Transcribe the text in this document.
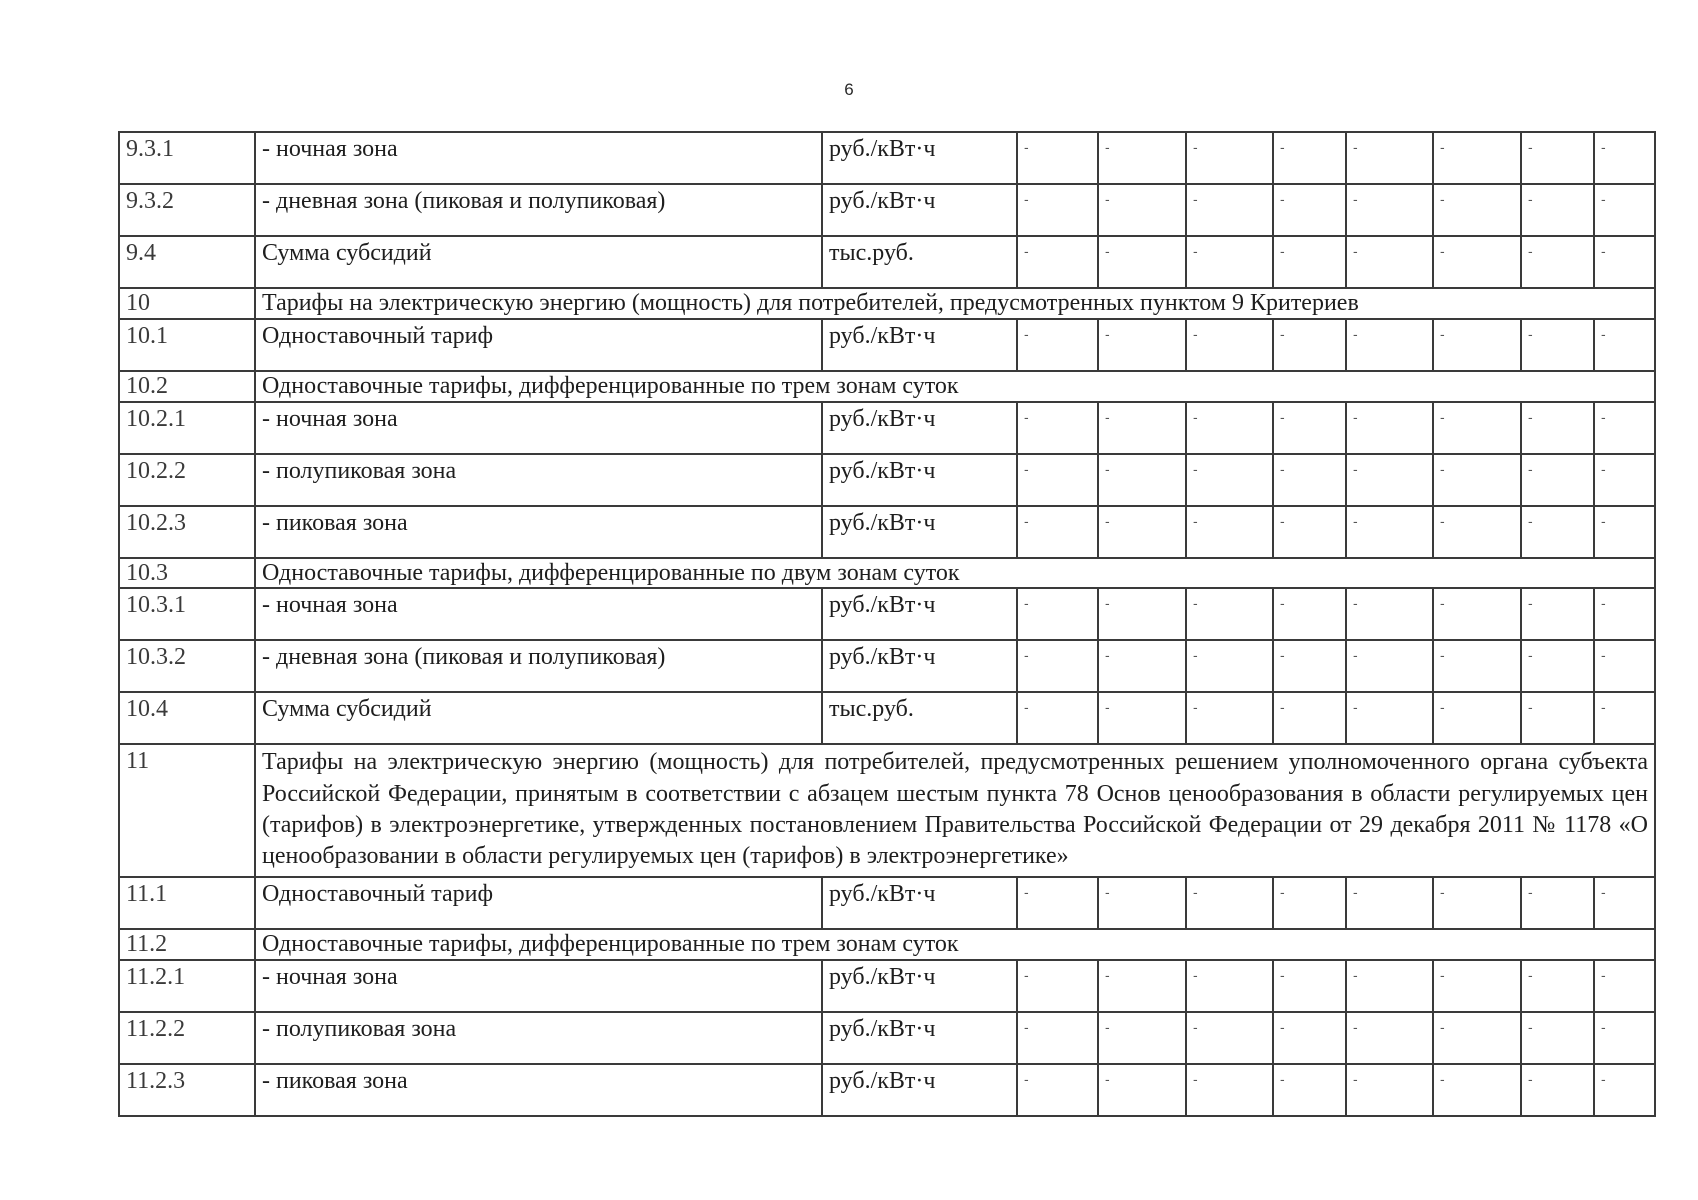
6
9.3.1	- ночная зона	руб./кВт·ч	-	-	-	-	-	-	-	-
9.3.2	- дневная зона (пиковая и полупиковая)	руб./кВт·ч	-	-	-	-	-	-	-	-
9.4	Сумма субсидий	тыс.руб.	-	-	-	-	-	-	-	-
10	Тарифы на электрическую энергию (мощность) для потребителей, предусмотренных пунктом 9 Критериев									
10.1	Одноставочный тариф	руб./кВт·ч	-	-	-	-	-	-	-	-
10.2	Одноставочные тарифы, дифференцированные по трем зонам суток									
10.2.1	- ночная зона	руб./кВт·ч	-	-	-	-	-	-	-	-
10.2.2	- полупиковая зона	руб./кВт·ч	-	-	-	-	-	-	-	-
10.2.3	- пиковая зона	руб./кВт·ч	-	-	-	-	-	-	-	-
10.3	Одноставочные тарифы, дифференцированные по двум зонам суток									
10.3.1	- ночная зона	руб./кВт·ч	-	-	-	-	-	-	-	-
10.3.2	- дневная зона (пиковая и полупиковая)	руб./кВт·ч	-	-	-	-	-	-	-	-
10.4	Сумма субсидий	тыс.руб.	-	-	-	-	-	-	-	-
11	Тарифы на электрическую энергию (мощность) для потребителей, предусмотренных решением уполномоченного органа субъекта Российской Федерации, принятым в соответствии с абзацем шестым пункта 78 Основ ценообразования в области регулируемых цен (тарифов) в электроэнергетике, утвержденных постановлением Правительства Российской Федерации от 29 декабря 2011 № 1178 «О ценообразовании в области регулируемых цен (тарифов) в электроэнергетике»									
11.1	Одноставочный тариф	руб./кВт·ч	-	-	-	-	-	-	-	-
11.2	Одноставочные тарифы, дифференцированные по трем зонам суток									
11.2.1	- ночная зона	руб./кВт·ч	-	-	-	-	-	-	-	-
11.2.2	- полупиковая зона	руб./кВт·ч	-	-	-	-	-	-	-	-
11.2.3	- пиковая зона	руб./кВт·ч	-	-	-	-	-	-	-	-
